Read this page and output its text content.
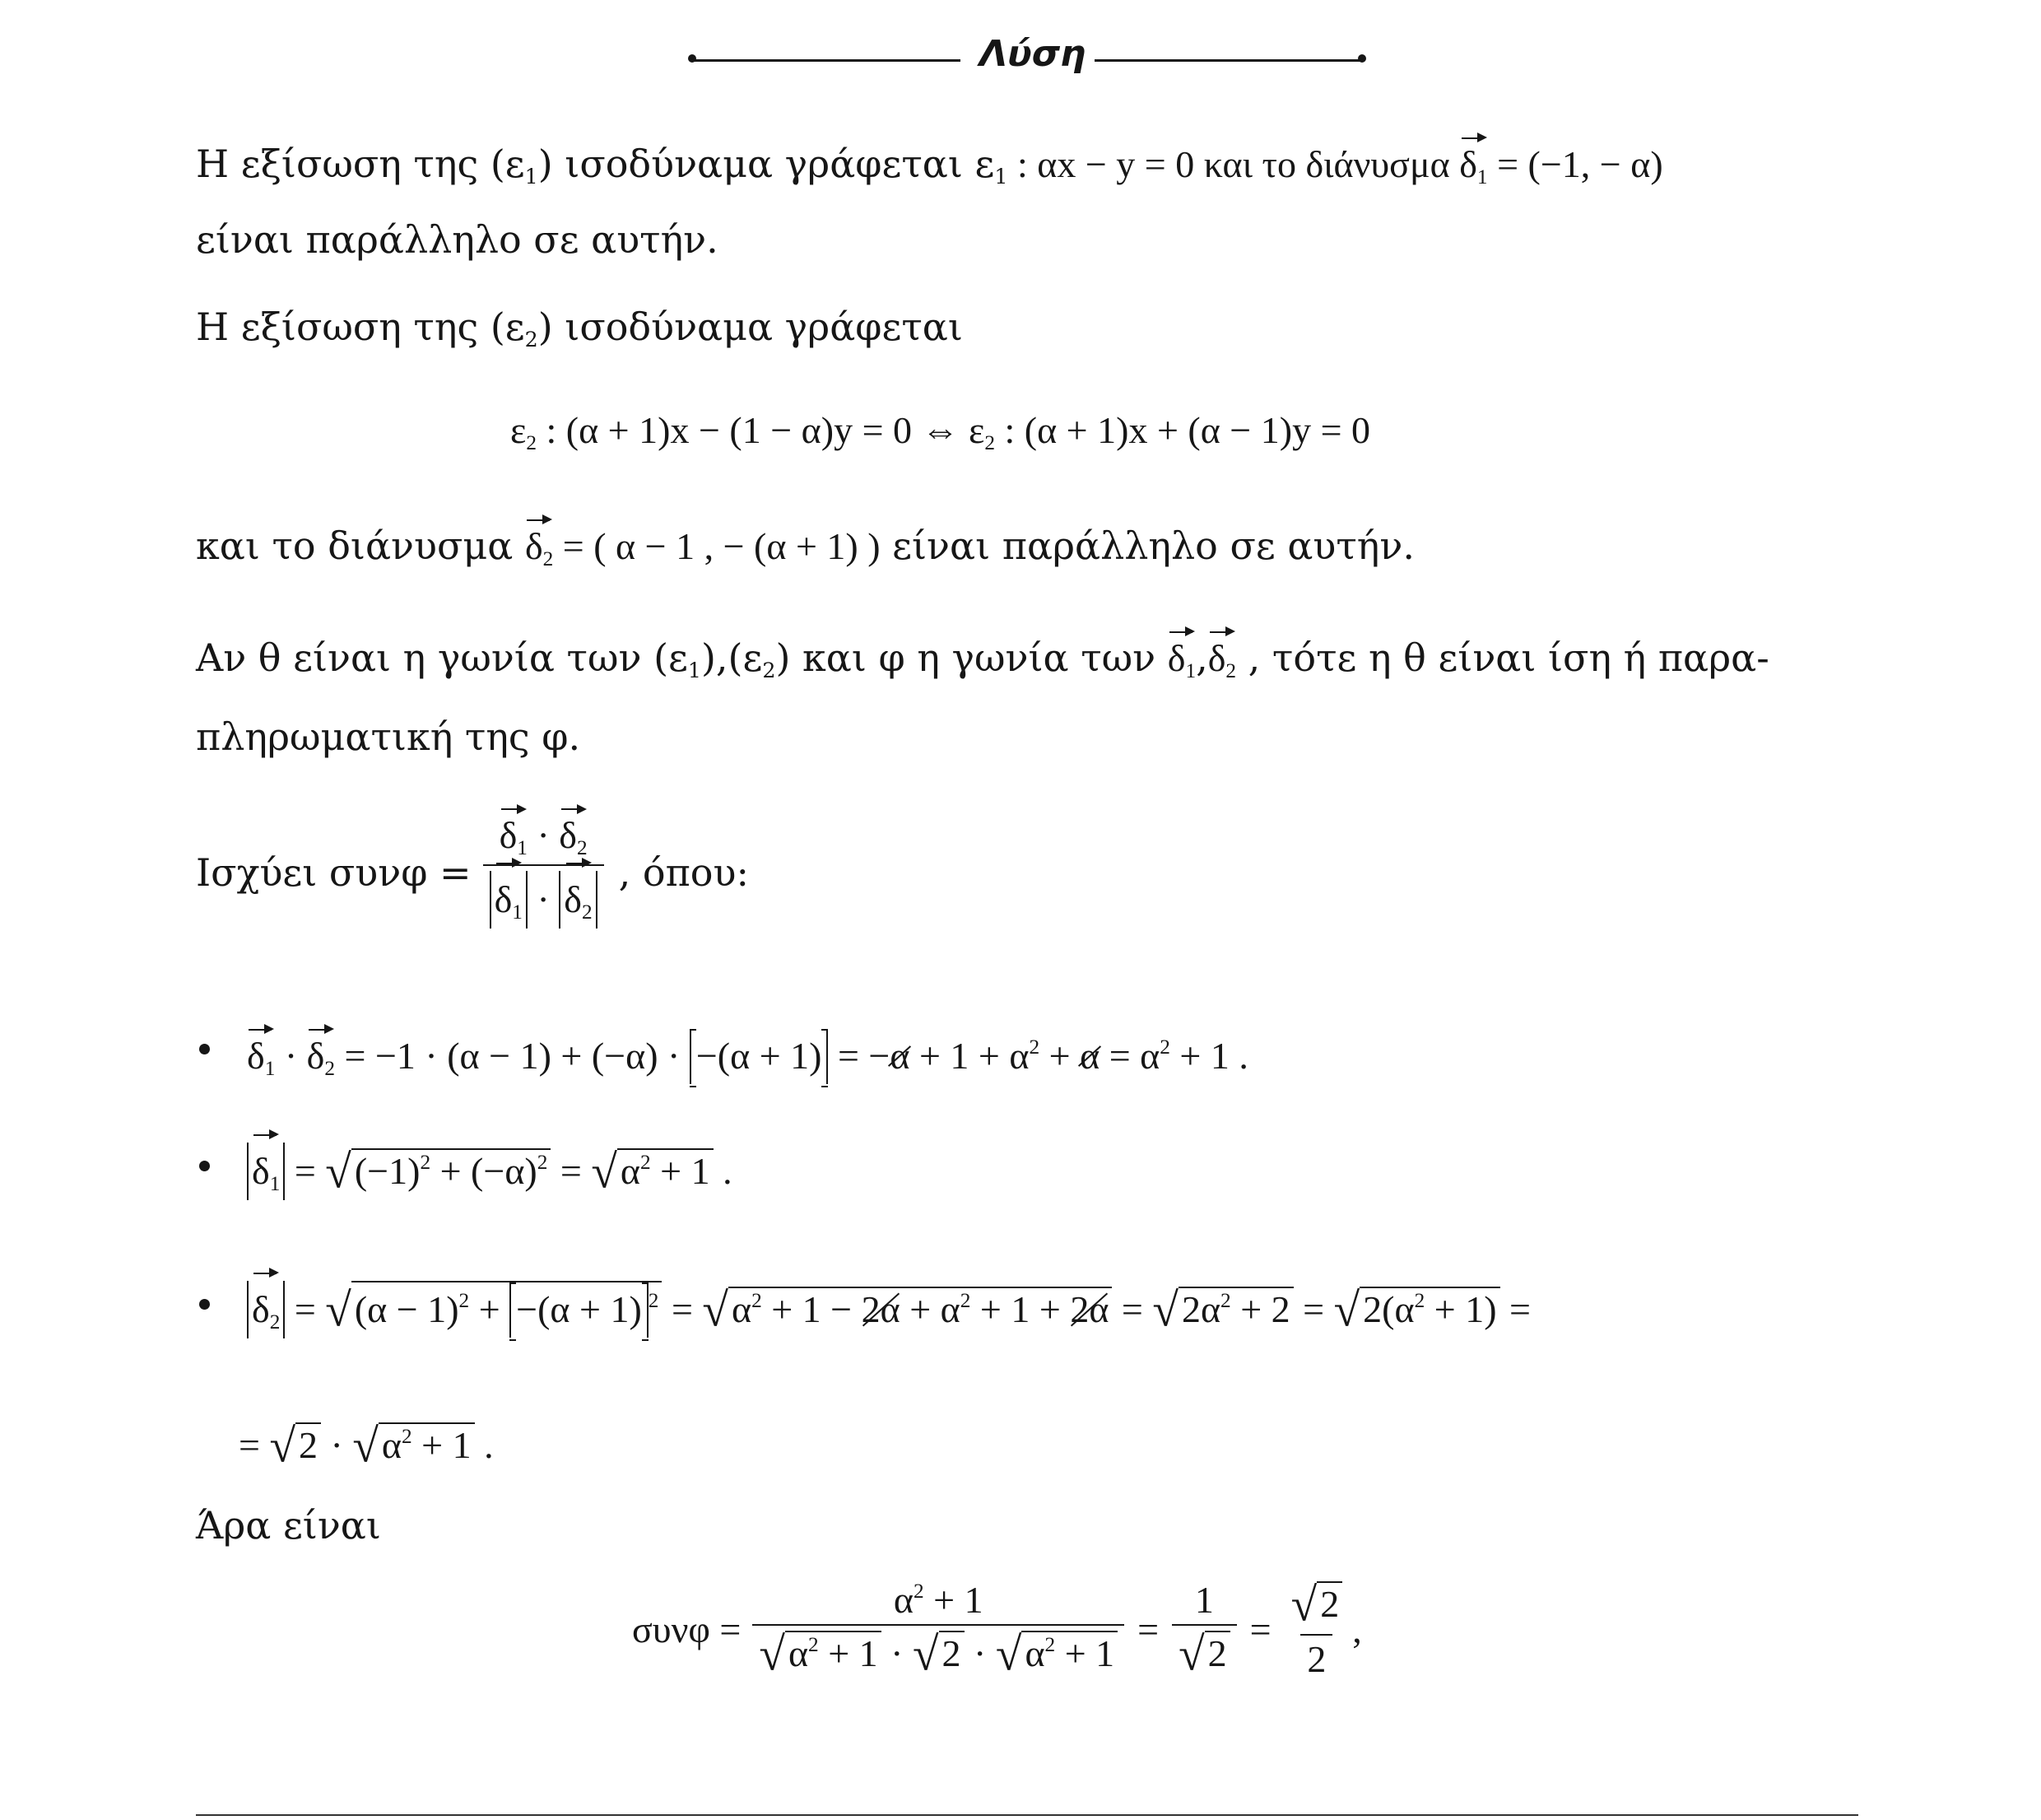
Λύση
Η εξίσωση της $(\varepsilon_1)$ ισοδύναμα γράφεται $\varepsilon_1$ : αx − y = 0 και το διάνυσμα $\delta_1 = (-1$, − α)
είναι παράλληλο σε αυτήν.
Η εξίσωση της $(\varepsilon_2)$ ισοδύναμα γράφεται
$\varepsilon_2$ : (α + 1)x − (1 − α)y = 0 ⇔ $\varepsilon_2$ : (α + 1)x + (α − 1)y = 0
και το διάνυσμα $\delta_2$ = ( α − 1 , − (α + 1) ) είναι παράλληλο σε αυτήν.
Αν θ είναι η γωνία των $(\varepsilon_1),(\varepsilon_2)$ και φ η γωνία των $\delta_1,\delta_2$ , τότε η θ είναι ίση ή παρα-
πληρωματική της φ.
Ισχύει $\sigma\upsilon\nu\varphi = \frac{\delta_1 \cdot \delta_2}{\delta_1 \cdot \delta_2}$ , όπου:
$\delta_1 \cdot \delta_2 = -1 \cdot (\alpha - 1) + (-\alpha) \cdot -(\alpha + 1) = -\alpha + 1 + \alpha^2 + \alpha = \alpha^2 + 1$ .
$\delta_1 = √(-1)^2 + (-\alpha)^2 = √\alpha^2 + 1$ .
$\delta_2 = √(\alpha - 1)^2 + -(\alpha + 1) ^2 = √\alpha^2 + 1 - 2\alpha + \alpha^2 + 1 + 2\alpha = √2\alpha^2 + 2 = √2(\alpha^2 + 1)$ =
= $√2 \cdot √\alpha^2 + 1$ .
Άρα είναι
$\sigma\upsilon\nu\varphi = \frac{\alpha^2 + 1}{√\alpha^2 + 1 \cdot √2 \cdot √\alpha^2 + 1} = \frac{1}{√2} = \frac{√2}{2}$ ,
